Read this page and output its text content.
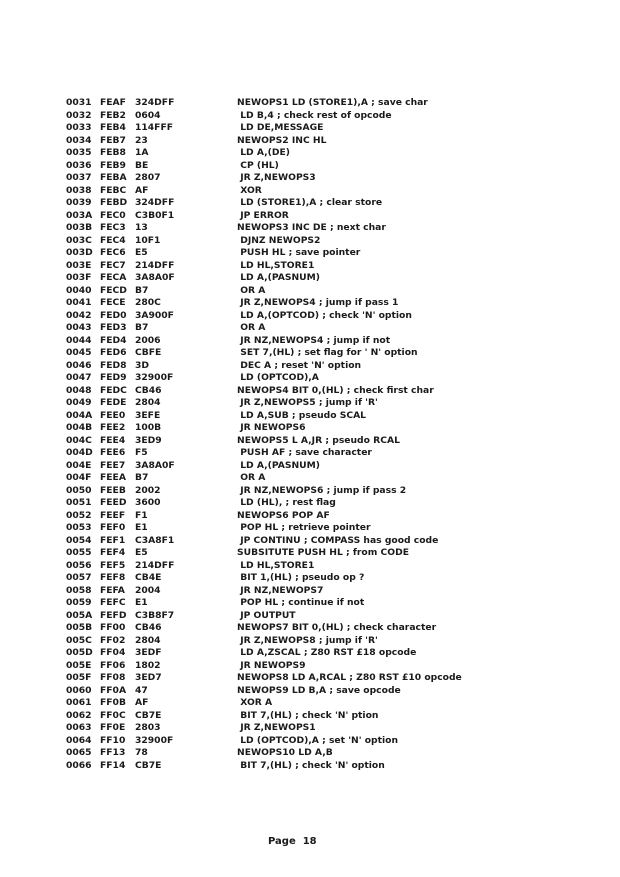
0031 FEAF 324DFF	NEWOPS1 LD (STORE1),A ; save char
0032 FEB2 0604	LD B,4 ; check rest of opcode
0033 FEB4 114FFF	LD DE,MESSAGE
0034 FEB7 23	NEWOPS2 INC HL
0035 FEB8 1A	LD A,(DE)
0036 FEB9 BE	CP (HL)
0037 FEBA 2807	JR Z,NEWOPS3
0038 FEBC AF	XOR
0039 FEBD 324DFF	LD (STORE1),A ; clear store
003A FEC0 C3B0F1	JP ERROR
003B FEC3 13	NEWOPS3 INC DE ; next char
003C FEC4 10F1	DJNZ NEWOPS2
003D FEC6 E5	PUSH HL ; save pointer
003E FEC7 214DFF	LD HL,STORE1
003F FECA 3A8A0F	LD A,(PASNUM)
0040 FECD B7	OR A
0041 FECE 280C	JR Z,NEWOPS4 ; jump if pass 1
0042 FED0 3A900F	LD A,(OPTCOD) ; check 'N' option
0043 FED3 B7	OR A
0044 FED4 2006	JR NZ,NEWOPS4 ; jump if not
0045 FED6 CBFE	SET 7,(HL) ; set flag for ' N' option
0046 FED8 3D	DEC A ; reset 'N' option
0047 FED9 32900F	LD (OPTCOD),A
0048 FEDC CB46	NEWOPS4 BIT 0,(HL) ; check first char
0049 FEDE 2804	JR Z,NEWOPS5 ; jump if 'R'
004A FEE0 3EFE	LD A,SUB ; pseudo SCAL
004B FEE2 100B	JR NEWOPS6
004C FEE4 3ED9	NEWOPS5 L A,JR ; pseudo RCAL
004D FEE6 F5	PUSH AF ; save character
004E FEE7 3A8A0F	LD A,(PASNUM)
004F FEEA B7	OR A
0050 FEEB 2002	JR NZ,NEWOPS6 ; jump if pass 2
0051 FEED 3600	LD (HL), ; rest flag
0052 FEEF F1	NEWOPS6 POP AF
0053 FEF0 E1	POP HL ; retrieve pointer
0054 FEF1 C3A8F1	JP CONTINU ; COMPASS has good code
0055 FEF4 E5	SUBSITUTE PUSH HL ; from CODE
0056 FEF5 214DFF	LD HL,STORE1
0057 FEF8 CB4E	BIT 1,(HL) ; pseudo op ?
0058 FEFA 2004	JR NZ,NEWOPS7
0059 FEFC E1	POP HL ; continue if not
005A FEFD C3B8F7	JP OUTPUT
005B FF00 CB46	NEWOPS7 BIT 0,(HL) ; check character
005C FF02 2804	JR Z,NEWOPS8 ; jump if 'R'
005D FF04 3EDF	LD A,ZSCAL ; Z80 RST £18 opcode
005E FF06 1802	JR NEWOPS9
005F FF08 3ED7	NEWOPS8 LD A,RCAL ; Z80 RST £10 opcode
0060 FF0A 47	NEWOPS9 LD B,A ; save opcode
0061 FF0B AF	XOR A
0062 FF0C CB7E	BIT 7,(HL) ; check 'N' ption
0063 FF0E 2803	JR Z,NEWOPS1
0064 FF10 32900F	LD (OPTCOD),A ; set 'N' option
0065 FF13 78	NEWOPS10 LD A,B
0066 FF14 CB7E	BIT 7,(HL) ; check 'N' option
Page  18
